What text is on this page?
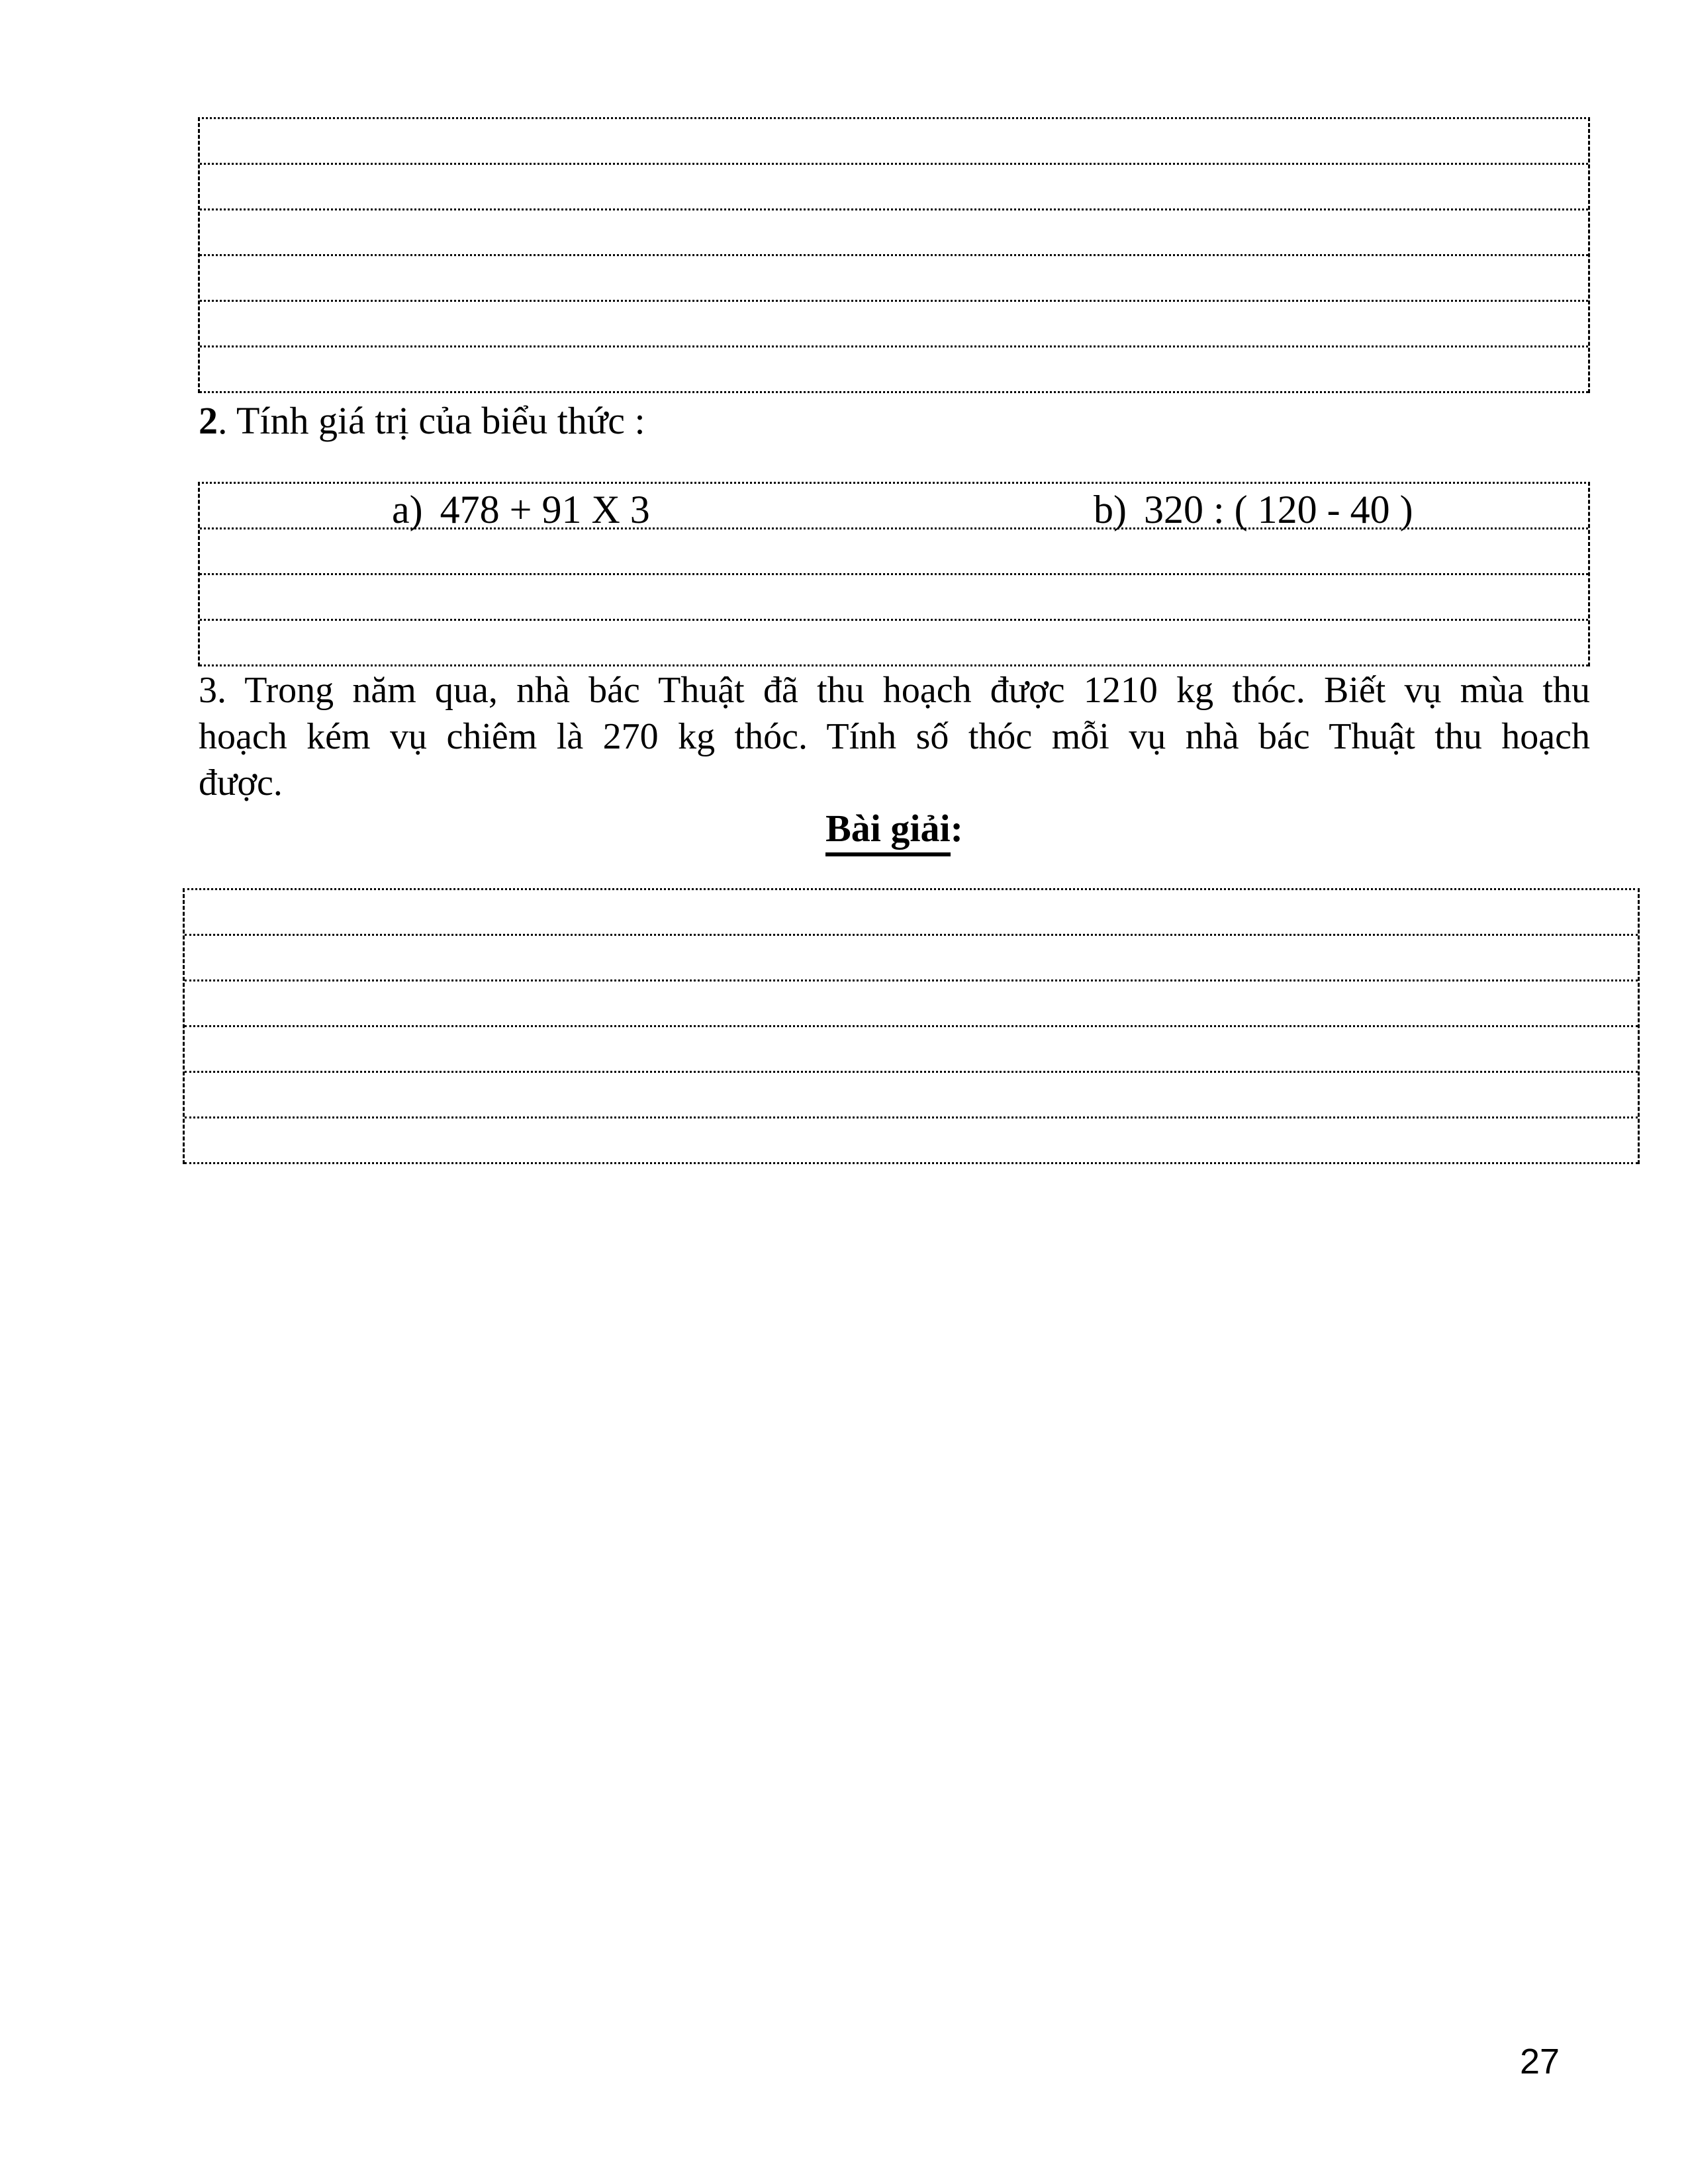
2. Tính giá trị của biểu thức :
a) 478 + 91 X 3	b) 320 : ( 120 - 40 )
3. Trong năm qua, nhà bác Thuật đã thu hoạch được 1210 kg thóc. Biết vụ mùa thu
hoạch kém vụ chiêm là 270 kg thóc. Tính số thóc mỗi vụ nhà bác Thuật thu hoạch
được.
Bài giải:
27
